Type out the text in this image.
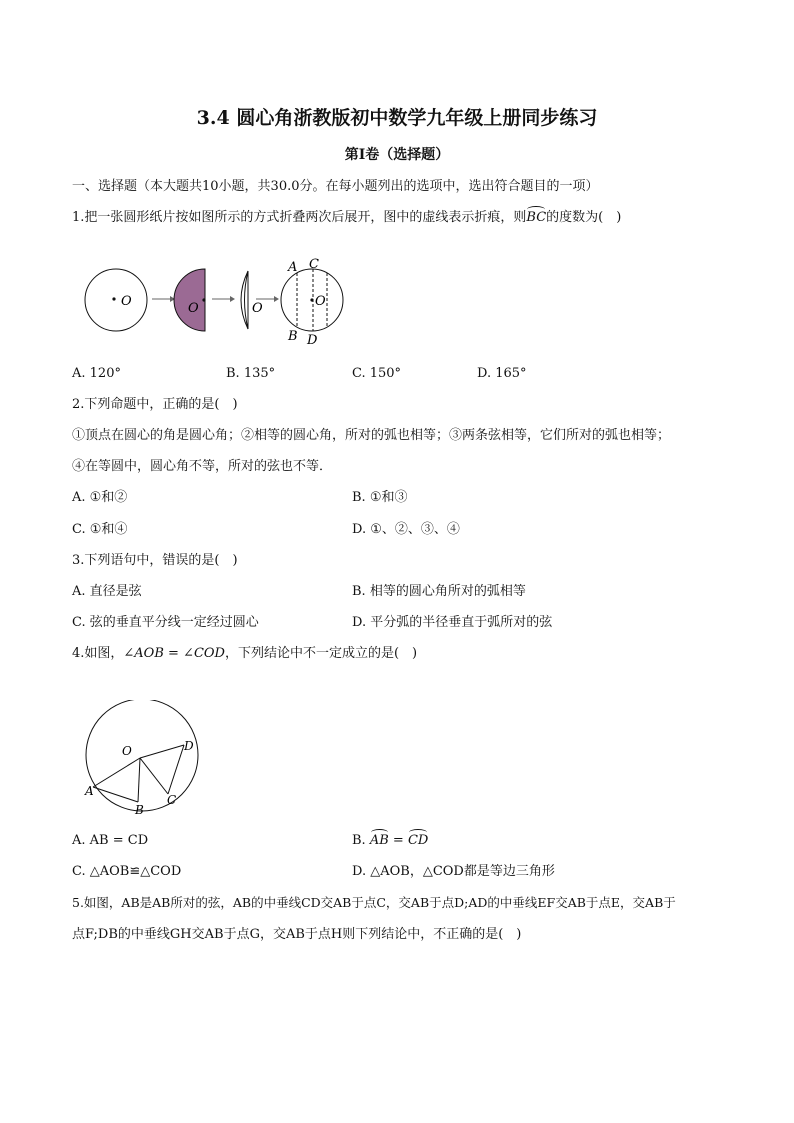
3.4 圆心角浙教版初中数学九年级上册同步练习
第I卷（选择题）
一、选择题（本大题共10小题，共30.0分。在每小题列出的选项中，选出符合题目的一项）
1.把一张圆形纸片按如图所示的方式折叠两次后展开，图中的虚线表示折痕，则BC的度数为(　)
O	O	O	O
A C
B D
A. 120°	B. 135°	C. 150°	D. 165°
2.下列命题中，正确的是(　)
①顶点在圆心的角是圆心角；②相等的圆心角，所对的弧也相等；③两条弦相等，它们所对的弧也相等；
④在等圆中，圆心角不等，所对的弦也不等．
A. ①和②	B. ①和③
C. ①和④	D. ①、②、③、④
3.下列语句中，错误的是(　)
A. 直径是弦	B. 相等的圆心角所对的弧相等
C. 弦的垂直平分线一定经过圆心	D. 平分弧的半径垂直于弧所对的弦
4.如图，∠AOB = ∠COD，下列结论中不一定成立的是(　)
O	D
A
B
C
A. AB = CD	B. AB = CD
C. △AOB≌△COD	D. △AOB，△COD都是等边三角形
5.如图，AB是AB所对的弦，AB的中垂线CD交AB于点C，交AB于点D;AD的中垂线EF交AB于点E，交AB于
点F;DB的中垂线GH交AB于点G，交AB于点H则下列结论中，不正确的是(　)
